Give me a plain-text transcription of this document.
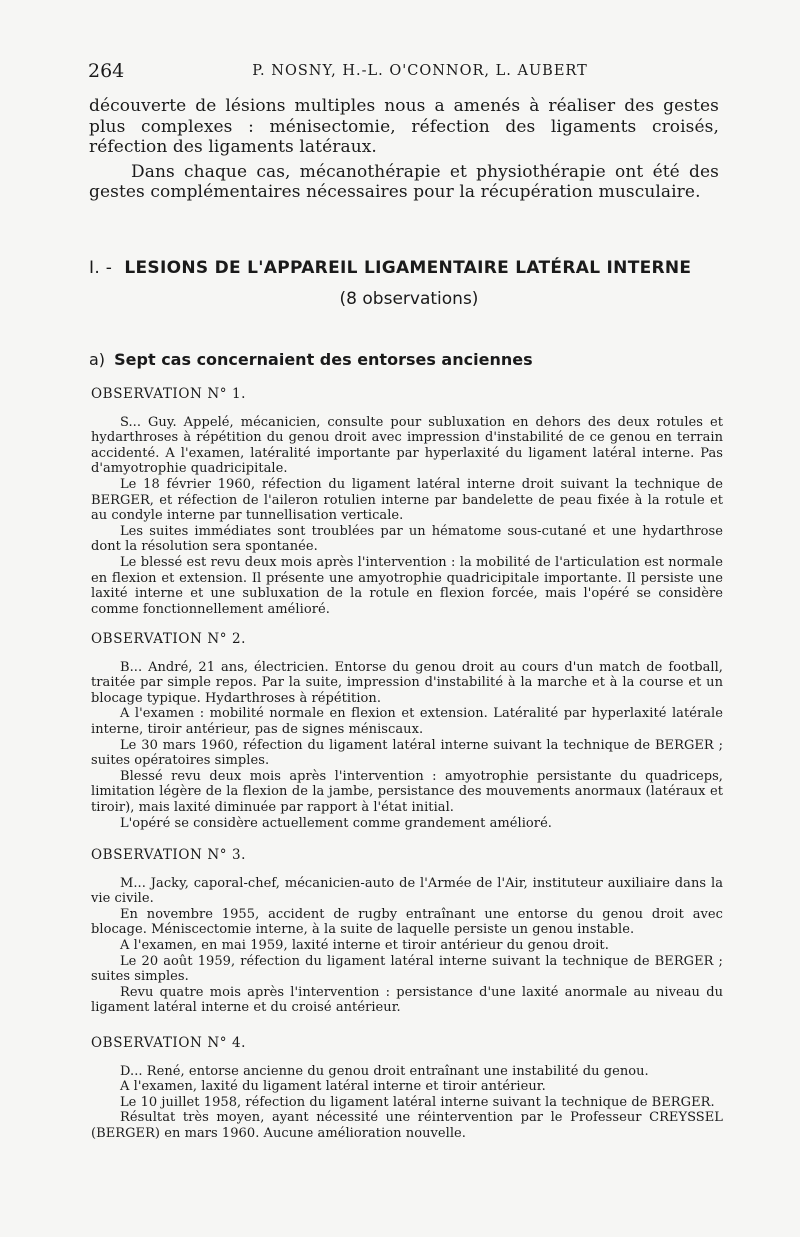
264	P. NOSNY, H.-L. O'CONNOR, L. AUBERT

découverte de lésions multiples nous a amenés à réaliser des gestes plus complexes : ménisectomie, réfection des ligaments croisés, réfection des ligaments latéraux.

Dans chaque cas, mécanothérapie et physiothérapie ont été des gestes complémentaires nécessaires pour la récupération musculaire.

I. - LESIONS DE L'APPAREIL LIGAMENTAIRE LATÉRAL INTERNE
(8 observations)
a) Sept cas concernaient des entorses anciennes
OBSERVATION N° 1.

S... Guy. Appelé, mécanicien, consulte pour subluxation en dehors des deux rotules et hydarthroses à répétition du genou droit avec impression d'instabilité de ce genou en terrain accidenté. A l'examen, latéralité importante par hyperlaxité du ligament latéral interne. Pas d'amyotrophie quadricipitale.

Le 18 février 1960, réfection du ligament latéral interne droit suivant la technique de BERGER, et réfection de l'aileron rotulien interne par bandelette de peau fixée à la rotule et au condyle interne par tunnellisation verticale.

Les suites immédiates sont troublées par un hématome sous-cutané et une hydarthrose dont la résolution sera spontanée.

Le blessé est revu deux mois après l'intervention : la mobilité de l'articulation est normale en flexion et extension. Il présente une amyotrophie quadricipitale importante. Il persiste une laxité interne et une subluxation de la rotule en flexion forcée, mais l'opéré se considère comme fonctionnellement amélioré.

OBSERVATION N° 2.

B... André, 21 ans, électricien. Entorse du genou droit au cours d'un match de football, traitée par simple repos. Par la suite, impression d'instabilité à la marche et à la course et un blocage typique. Hydarthroses à répétition.

A l'examen : mobilité normale en flexion et extension. Latéralité par hyperlaxité latérale interne, tiroir antérieur, pas de signes méniscaux.

Le 30 mars 1960, réfection du ligament latéral interne suivant la technique de BERGER ; suites opératoires simples.

Blessé revu deux mois après l'intervention : amyotrophie persistante du quadriceps, limitation légère de la flexion de la jambe, persistance des mouvements anormaux (latéraux et tiroir), mais laxité diminuée par rapport à l'état initial.

L'opéré se considère actuellement comme grandement amélioré.

OBSERVATION N° 3.

M... Jacky, caporal-chef, mécanicien-auto de l'Armée de l'Air, instituteur auxiliaire dans la vie civile.

En novembre 1955, accident de rugby entraînant une entorse du genou droit avec blocage. Méniscectomie interne, à la suite de laquelle persiste un genou instable.

A l'examen, en mai 1959, laxité interne et tiroir antérieur du genou droit.

Le 20 août 1959, réfection du ligament latéral interne suivant la technique de BERGER ; suites simples.

Revu quatre mois après l'intervention : persistance d'une laxité anormale au niveau du ligament latéral interne et du croisé antérieur.

OBSERVATION N° 4.

D... René, entorse ancienne du genou droit entraînant une instabilité du genou.

A l'examen, laxité du ligament latéral interne et tiroir antérieur.

Le 10 juillet 1958, réfection du ligament latéral interne suivant la technique de BERGER.

Résultat très moyen, ayant nécessité une réintervention par le Professeur CREYSSEL (BERGER) en mars 1960. Aucune amélioration nouvelle.
